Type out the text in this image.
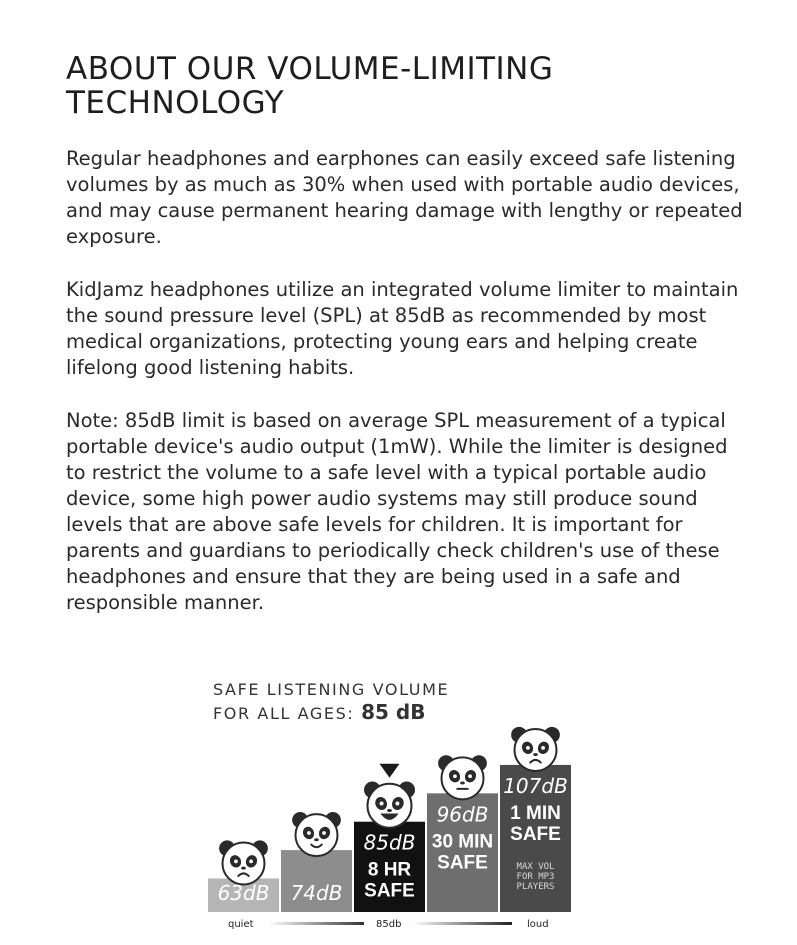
ABOUT OUR VOLUME-LIMITING TECHNOLOGY

Regular headphones and earphones can easily exceed safe listening volumes by as much as 30% when used with portable audio devices, and may cause permanent hearing damage with lengthy or repeated exposure.

KidJamz headphones utilize an integrated volume limiter to maintain the sound pressure level (SPL) at 85dB as recommended by most medical organizations, protecting young ears and helping create lifelong good listening habits.

Note: 85dB limit is based on average SPL measurement of a typical portable device's audio output (1mW). While the limiter is designed to restrict the volume to a safe level with a typical portable audio device, some high power audio systems may still produce sound levels that are above safe levels for children. It is important for parents and guardians to periodically check children's use of these headphones and ensure that they are being used in a safe and responsible manner.

SAFE LISTENING VOLUME
FOR ALL AGES: 85 dB
63dB 74dB
85dB
8 HR
SAFE
96dB
30 MIN
SAFE
107dB
1 MIN
SAFE
MAX VOL
FOR MP3
PLAYERS
quiet	85db	loud
